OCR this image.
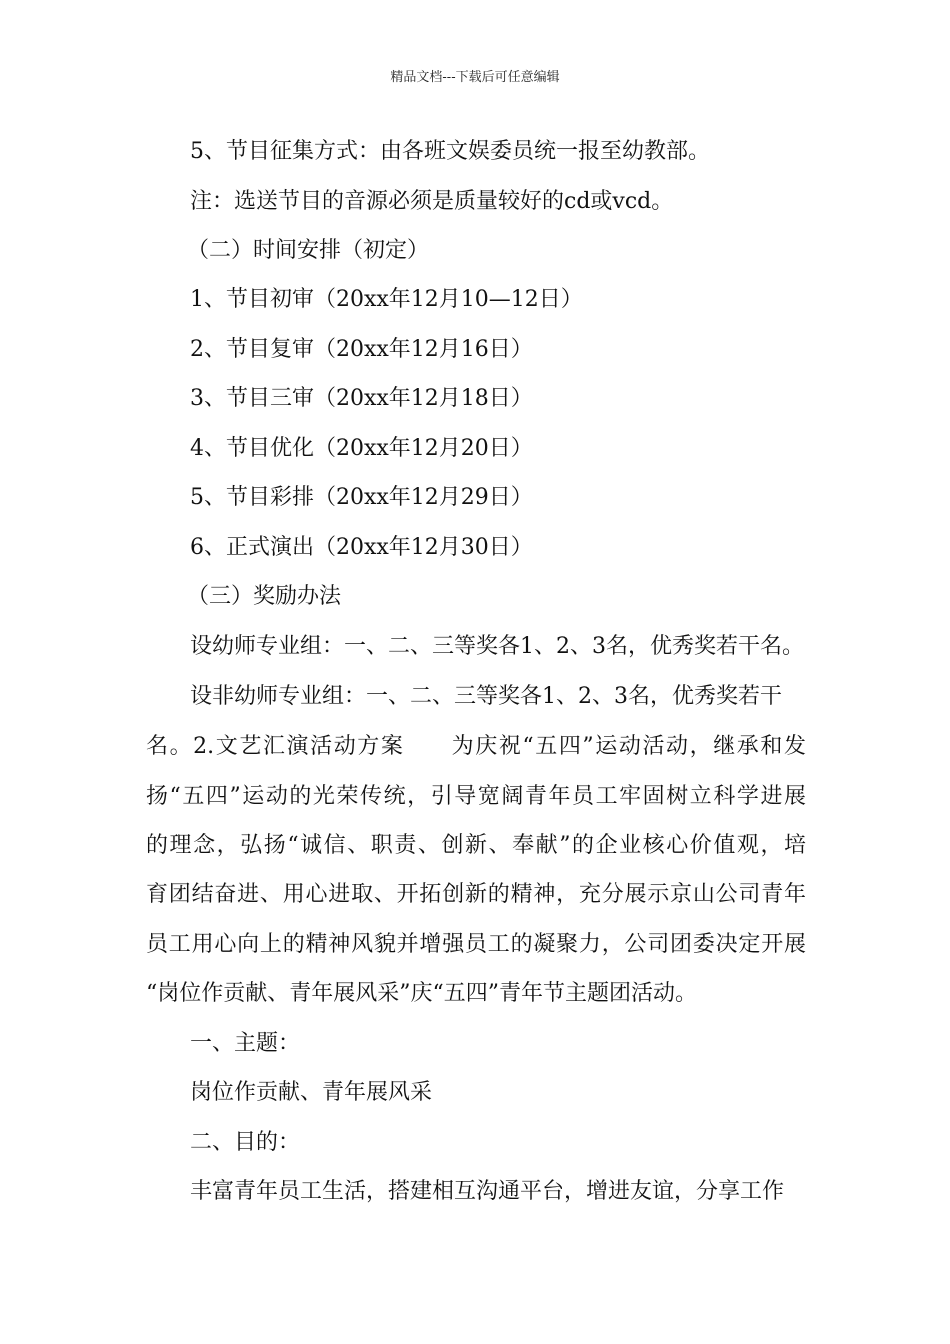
精品文档---下载后可任意编辑
5、节目征集方式：由各班文娱委员统一报至幼教部。
注：选送节目的音源必须是质量较好的cd或vcd。
（二）时间安排（初定）
1、节目初审（20xx年12月10—12日）
2、节目复审（20xx年12月16日）
3、节目三审（20xx年12月18日）
4、节目优化（20xx年12月20日）
5、节目彩排（20xx年12月29日）
6、正式演出（20xx年12月30日）
（三）奖励办法
设幼师专业组：一、二、三等奖各1、2、3名，优秀奖若干名。
设非幼师专业组：一、二、三等奖各1、2、3名，优秀奖若干
名。2.文艺汇演活动方案　　为庆祝“五四”运动活动，继承和发
扬“五四”运动的光荣传统，引导宽阔青年员工牢固树立科学进展
的理念，弘扬“诚信、职责、创新、奉献”的企业核心价值观，培
育团结奋进、用心进取、开拓创新的精神，充分展示京山公司青年
员工用心向上的精神风貌并增强员工的凝聚力，公司团委决定开展
“岗位作贡献、青年展风采”庆“五四”青年节主题团活动。
一、主题：
岗位作贡献、青年展风采
二、目的：
丰富青年员工生活，搭建相互沟通平台，增进友谊，分享工作
